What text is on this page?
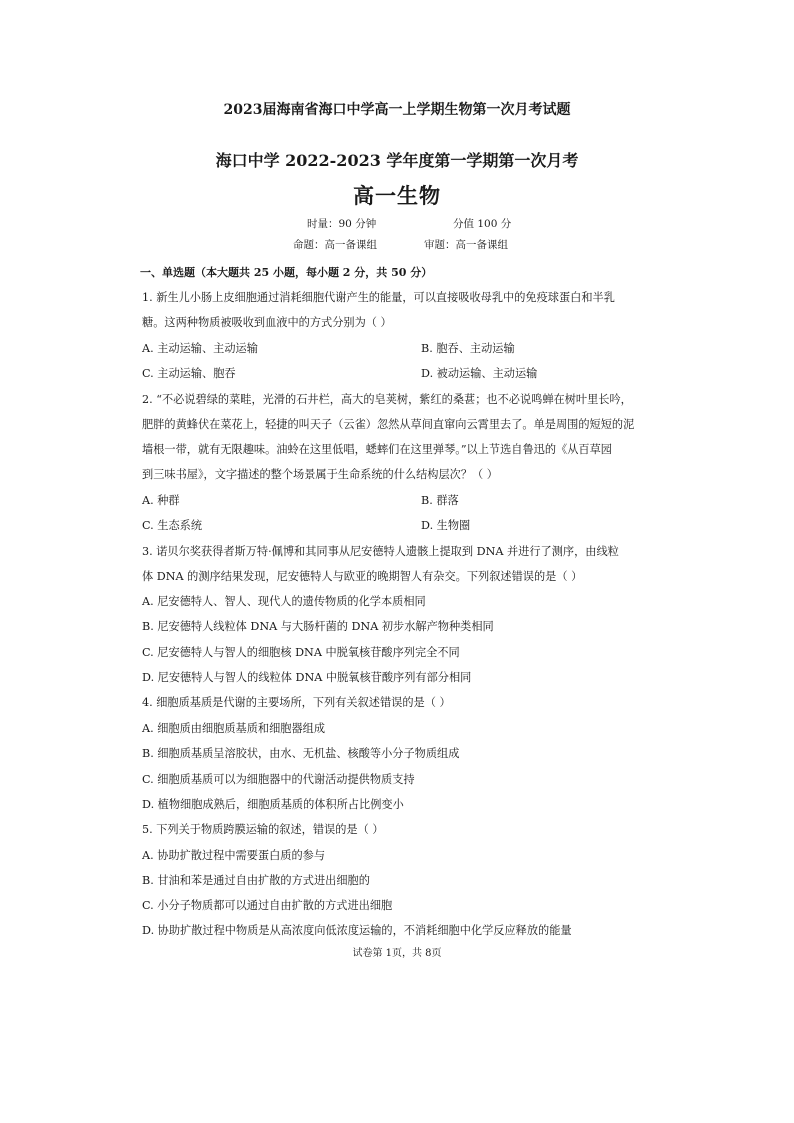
2023届海南省海口中学高一上学期生物第一次月考试题
海口中学 2022-2023 学年度第一学期第一次月考
高一生物
时量：90 分钟	分值 100 分
命题：高一备课组	审题：高一备课组
一、单选题（本大题共 25 小题，每小题 2 分，共 50 分）
1. 新生儿小肠上皮细胞通过消耗细胞代谢产生的能量，可以直接吸收母乳中的免疫球蛋白和半乳
糖。这两种物质被吸收到血液中的方式分别为（ ）
A. 主动运输、主动运输	B. 胞吞、主动运输
C. 主动运输、胞吞	D. 被动运输、主动运输
2. “不必说碧绿的菜畦，光滑的石井栏，高大的皂荚树，紫红的桑葚；也不必说鸣蝉在树叶里长吟，
肥胖的黄蜂伏在菜花上，轻捷的叫天子（云雀）忽然从草间直窜向云霄里去了。单是周围的短短的泥
墙根一带，就有无限趣味。油蛉在这里低唱，蟋蟀们在这里弹琴。”以上节选自鲁迅的《从百草园
到三味书屋》，文字描述的整个场景属于生命系统的什么结构层次？（ ）
A. 种群	B. 群落
C. 生态系统	D. 生物圈
3. 诺贝尔奖获得者斯万特·佩博和其同事从尼安德特人遗骸上提取到 DNA 并进行了测序，由线粒
体 DNA 的测序结果发现，尼安德特人与欧亚的晚期智人有杂交。下列叙述错误的是（ ）
A. 尼安德特人、智人、现代人的遗传物质的化学本质相同
B. 尼安德特人线粒体 DNA 与大肠杆菌的 DNA 初步水解产物种类相同
C. 尼安德特人与智人的细胞核 DNA 中脱氧核苷酸序列完全不同
D. 尼安德特人与智人的线粒体 DNA 中脱氧核苷酸序列有部分相同
4. 细胞质基质是代谢的主要场所，下列有关叙述错误的是（ ）
A. 细胞质由细胞质基质和细胞器组成
B. 细胞质基质呈溶胶状，由水、无机盐、核酸等小分子物质组成
C. 细胞质基质可以为细胞器中的代谢活动提供物质支持
D. 植物细胞成熟后，细胞质基质的体积所占比例变小
5. 下列关于物质跨膜运输的叙述，错误的是（ ）
A. 协助扩散过程中需要蛋白质的参与
B. 甘油和苯是通过自由扩散的方式进出细胞的
C. 小分子物质都可以通过自由扩散的方式进出细胞
D. 协助扩散过程中物质是从高浓度向低浓度运输的，不消耗细胞中化学反应释放的能量
试卷第 1页，共 8页
